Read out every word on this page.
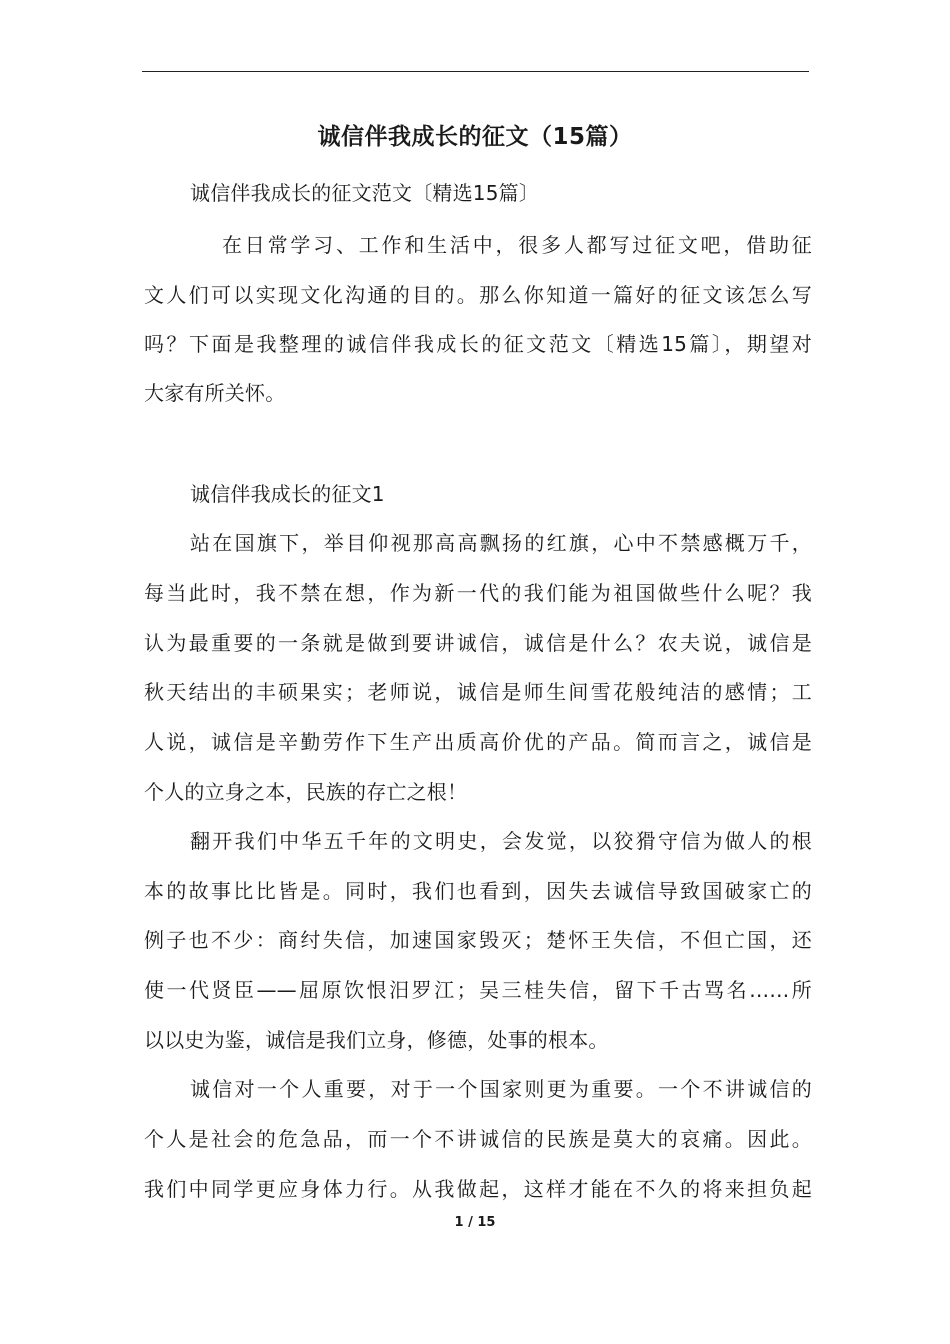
诚信伴我成长的征文（15篇）
诚信伴我成长的征文范文〔精选15篇〕
在日常学习、工作和生活中，很多人都写过征文吧，借助征
文人们可以实现文化沟通的目的。那么你知道一篇好的征文该怎么写
吗？下面是我整理的诚信伴我成长的征文范文〔精选15篇〕，期望对
大家有所关怀。
诚信伴我成长的征文1
站在国旗下，举目仰视那高高飘扬的红旗，心中不禁感概万千，
每当此时，我不禁在想，作为新一代的我们能为祖国做些什么呢？我
认为最重要的一条就是做到要讲诚信，诚信是什么？农夫说，诚信是
秋天结出的丰硕果实；老师说，诚信是师生间雪花般纯洁的感情；工
人说，诚信是辛勤劳作下生产出质高价优的产品。简而言之，诚信是
个人的立身之本，民族的存亡之根！
翻开我们中华五千年的文明史，会发觉，以狡猾守信为做人的根
本的故事比比皆是。同时，我们也看到，因失去诚信导致国破家亡的
例子也不少：商纣失信，加速国家毁灭；楚怀王失信，不但亡国，还
使一代贤臣——屈原饮恨汨罗江；吴三桂失信，留下千古骂名……所
以以史为鉴，诚信是我们立身，修德，处事的根本。
诚信对一个人重要，对于一个国家则更为重要。一个不讲诚信的
个人是社会的危急品，而一个不讲诚信的民族是莫大的哀痛。因此。
我们中同学更应身体力行。从我做起，这样才能在不久的将来担负起
1 / 15
